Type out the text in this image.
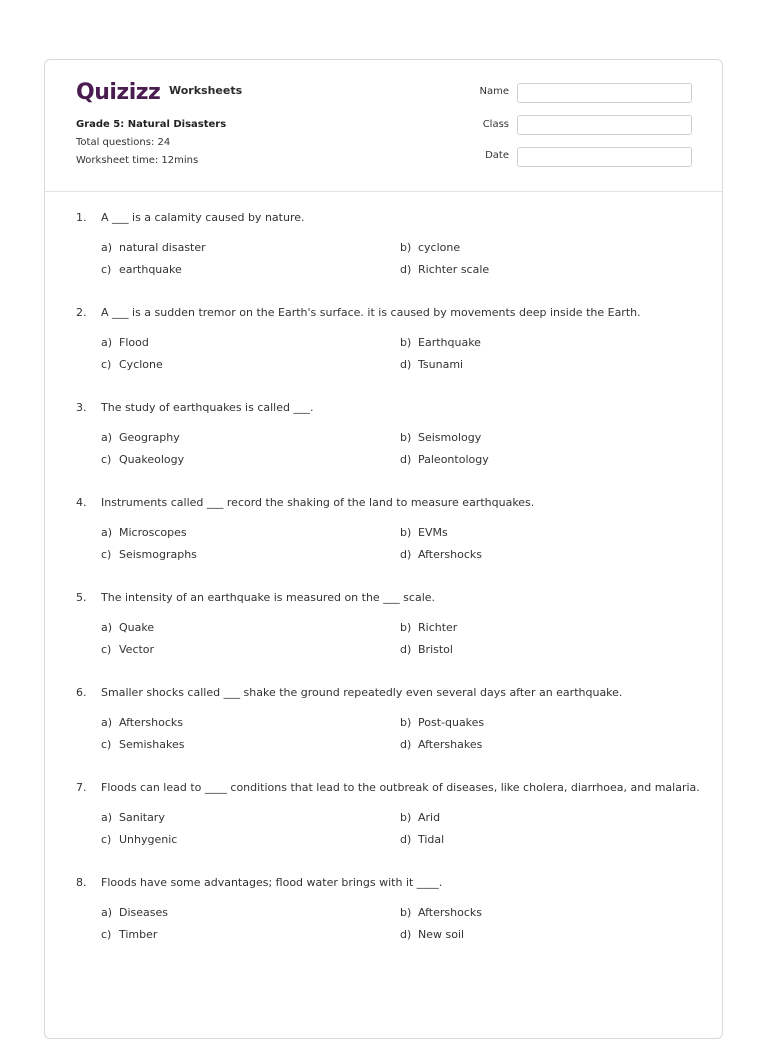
Quizizz Worksheets
Grade 5: Natural Disasters
Total questions: 24
Worksheet time: 12mins
Name
Class
Date
1. A ___ is a calamity caused by nature.
a) natural disaster	b) cyclone
c) earthquake	d) Richter scale
2. A ___ is a sudden tremor on the Earth's surface. it is caused by movements deep inside the Earth.
a) Flood	b) Earthquake
c) Cyclone	d) Tsunami
3. The study of earthquakes is called ___.
a) Geography	b) Seismology
c) Quakeology	d) Paleontology
4. Instruments called ___ record the shaking of the land to measure earthquakes.
a) Microscopes	b) EVMs
c) Seismographs	d) Aftershocks
5. The intensity of an earthquake is measured on the ___ scale.
a) Quake	b) Richter
c) Vector	d) Bristol
6. Smaller shocks called ___ shake the ground repeatedly even several days after an earthquake.
a) Aftershocks	b) Post-quakes
c) Semishakes	d) Aftershakes
7. Floods can lead to ____ conditions that lead to the outbreak of diseases, like cholera, diarrhoea, and malaria.
a) Sanitary	b) Arid
c) Unhygenic	d) Tidal
8. Floods have some advantages; flood water brings with it ____.
a) Diseases	b) Aftershocks
c) Timber	d) New soil
